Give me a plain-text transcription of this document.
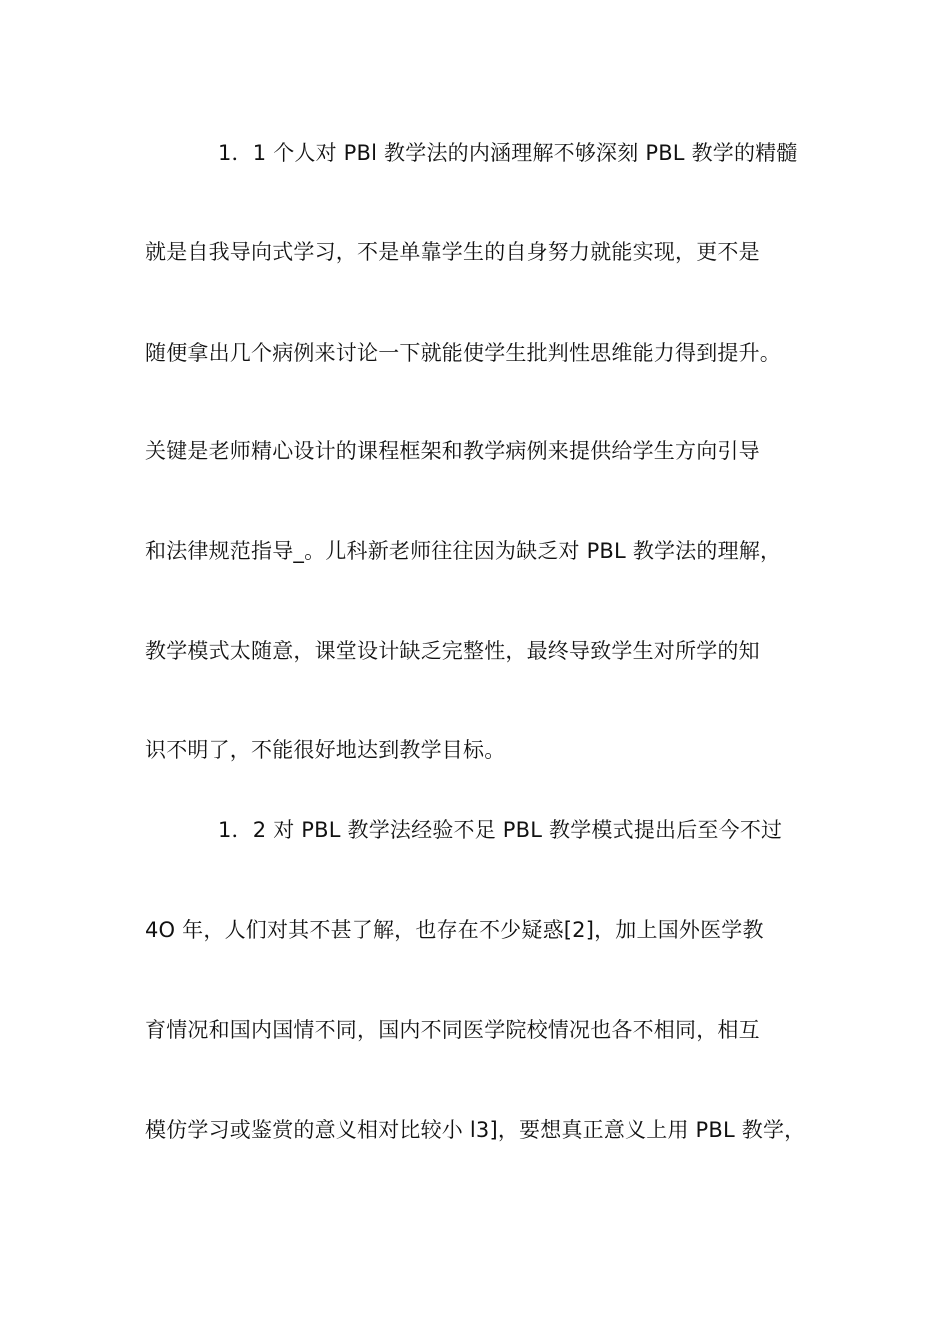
1．1 个人对 PBl 教学法的内涵理解不够深刻 PBL 教学的精髓
就是自我导向式学习，不是单靠学生的自身努力就能实现，更不是
随便拿出几个病例来讨论一下就能使学生批判性思维能力得到提升。
关键是老师精心设计的课程框架和教学病例来提供给学生方向引导
和法律规范指导_。儿科新老师往往因为缺乏对 PBL 教学法的理解，
教学模式太随意，课堂设计缺乏完整性，最终导致学生对所学的知
识不明了，不能很好地达到教学目标。
1．2 对 PBL 教学法经验不足 PBL 教学模式提出后至今不过
4O 年，人们对其不甚了解，也存在不少疑惑[2]，加上国外医学教
育情况和国内国情不同，国内不同医学院校情况也各不相同，相互
模仿学习或鉴赏的意义相对比较小 l3]，要想真正意义上用 PBL 教学，
